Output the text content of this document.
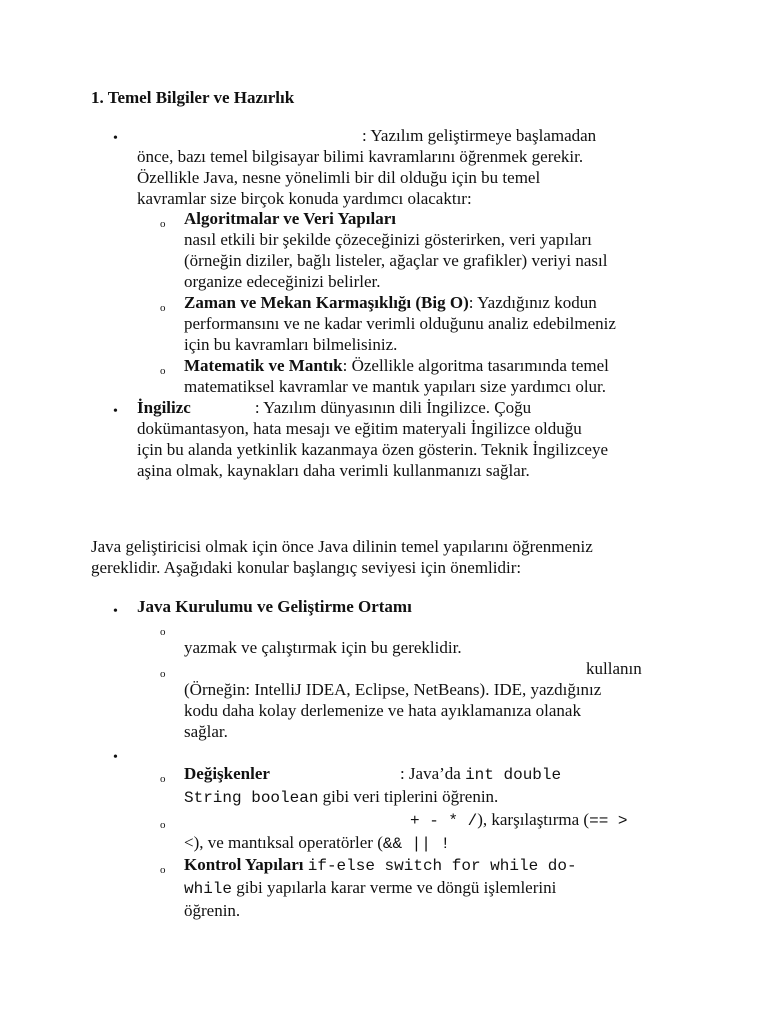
1. Temel Bilgiler ve Hazırlık
•	: Yazılım geliştirmeye başlamadan
önce, bazı temel bilgisayar bilimi kavramlarını öğrenmek gerekir.
Özellikle Java, nesne yönelimli bir dil olduğu için bu temel
kavramlar size birçok konuda yardımcı olacaktır:
o Algoritmalar ve Veri Yapıları
nasıl etkili bir şekilde çözeceğinizi gösterirken, veri yapıları
(örneğin diziler, bağlı listeler, ağaçlar ve grafikler) veriyi nasıl
organize edeceğinizi belirler.
o Zaman ve Mekan Karmaşıklığı (Big O): Yazdığınız kodun
performansını ve ne kadar verimli olduğunu analiz edebilmeniz
için bu kavramları bilmelisiniz.
o Matematik ve Mantık: Özellikle algoritma tasarımında temel
matematiksel kavramlar ve mantık yapıları size yardımcı olur.
• İngilizc	: Yazılım dünyasının dili İngilizce. Çoğu
dokümantasyon, hata mesajı ve eğitim materyali İngilizce olduğu
için bu alanda yetkinlik kazanmaya özen gösterin. Teknik İngilizceye
aşina olmak, kaynakları daha verimli kullanmanızı sağlar.
Java geliştiricisi olmak için önce Java dilinin temel yapılarını öğrenmeniz
gereklidir. Aşağıdaki konular başlangıç seviyesi için önemlidir:
• Java Kurulumu ve Geliştirme Ortamı
o
yazmak ve çalıştırmak için bu gereklidir.
o	kullanın
(Örneğin: IntelliJ IDEA, Eclipse, NetBeans). IDE, yazdığınız
kodu daha kolay derlemenize ve hata ayıklamanıza olanak
sağlar.
•
o Değişkenler	: Java’da int double
String boolean gibi veri tiplerini öğrenin.
o	+ - * /), karşılaştırma (== >
<), ve mantıksal operatörler (&& || !
o Kontrol Yapıları if-else switch for while do-
while gibi yapılarla karar verme ve döngü işlemlerini
öğrenin.
